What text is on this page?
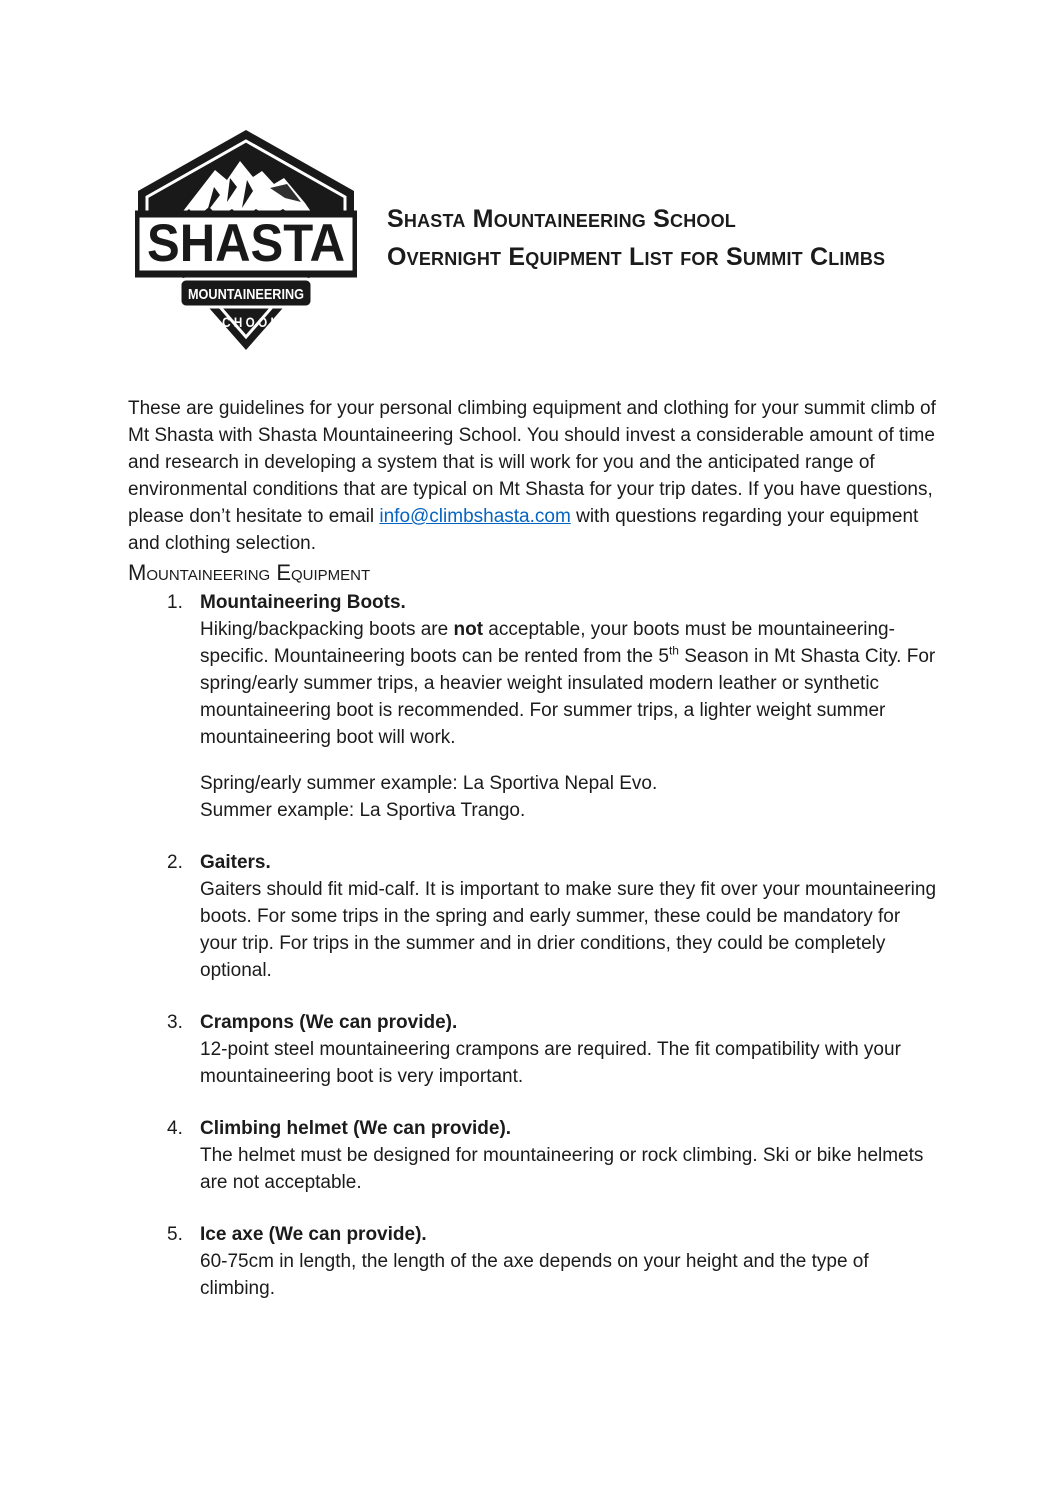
SHASTA
MOUNTAINEERING
SCHOOL
Shasta Mountaineering School
Overnight Equipment List for Summit Climbs

These are guidelines for your personal climbing equipment and clothing for your summit climb of Mt Shasta with Shasta Mountaineering School. You should invest a considerable amount of time and research in developing a system that is will work for you and the anticipated range of environmental conditions that are typical on Mt Shasta for your trip dates. If you have questions, please don’t hesitate to email info@climbshasta.com with questions regarding your equipment and clothing selection.

Mountaineering Equipment
1. Mountaineering Boots.
Hiking/backpacking boots are not acceptable, your boots must be mountaineering-specific. Mountaineering boots can be rented from the 5th Season in Mt Shasta City. For spring/early summer trips, a heavier weight insulated modern leather or synthetic mountaineering boot is recommended. For summer trips, a lighter weight summer mountaineering boot will work.
Spring/early summer example: La Sportiva Nepal Evo.
Summer example: La Sportiva Trango.
2. Gaiters.
Gaiters should fit mid-calf. It is important to make sure they fit over your mountaineering boots. For some trips in the spring and early summer, these could be mandatory for your trip. For trips in the summer and in drier conditions, they could be completely optional.
3. Crampons (We can provide).
12-point steel mountaineering crampons are required. The fit compatibility with your mountaineering boot is very important.
4. Climbing helmet (We can provide).
The helmet must be designed for mountaineering or rock climbing. Ski or bike helmets are not acceptable.
5. Ice axe (We can provide).
60-75cm in length, the length of the axe depends on your height and the type of climbing.
